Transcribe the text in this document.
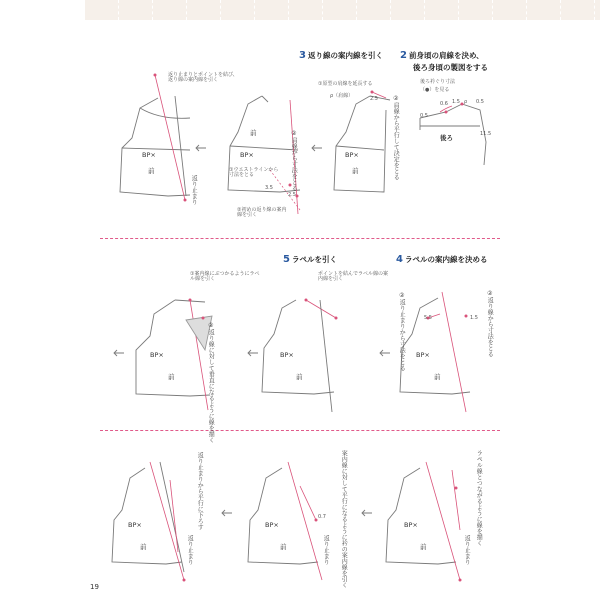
3 返り線の案内線を引く 2 前身頃の肩線を決め、
後ろ身頃の製図をする
5 ラペルを引く	4 ラペルの案内線を決める
返り止まりとポイントを結び、返り線の案内線を引く
BP×
前
返り止まり
①原型の肩線を延長する
ρ（肩線）	2.5 ②肩線から平行して決定をとる
前
BP×	②肩線から寸法をとる
①ウエストラインから寸法をとる
3.5
2.5
②初めの返り線の案内線を引く
BP×
前
後ろ衿ぐり寸法
（●）を見る
0.6 1.5 ρ 0.5
0.5
11.5
後ろ
①案内線にぶつかるようにラペル線を引く
ポイントを結んでラペル線の案内線を引く
②返り線に対して垂直になるように線を描く
BP×
前
BP×
前
②返り止まりから寸法をとる	5.5	1.5 ②返り線から寸法をとる
BP×
前
返り止まりから平行に下ろす
BP×
前	返り止まり	案内線に対して平行になるように衿の案内線を引く
0.7
BP×
前	返り止まり
ラペル線とつながるように線を描く
BP×
前	返り止まり
19
